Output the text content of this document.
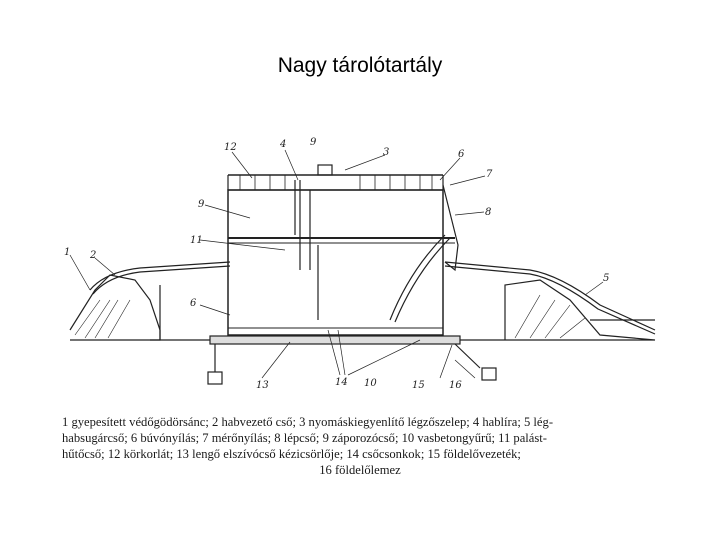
Nagy tárolótartály
12	4 9
3	6
7
8
9
11
1 2
6
5
13	14 10	15 16
1 gyepesített védőgödörsánc; 2 habvezető cső; 3 nyomáskiegyenlítő légzőszelep; 4 hablíra; 5 lég-
habsugárcső; 6 búvónyílás; 7 mérőnyílás; 8 lépcső; 9 záporozócső; 10 vasbetongyűrű; 11 palást-
hűtőcső; 12 körkorlát; 13 lengő elszívócső kézicsörlője; 14 csőcsonkok; 15 földelővezeték;
16 földelőlemez
